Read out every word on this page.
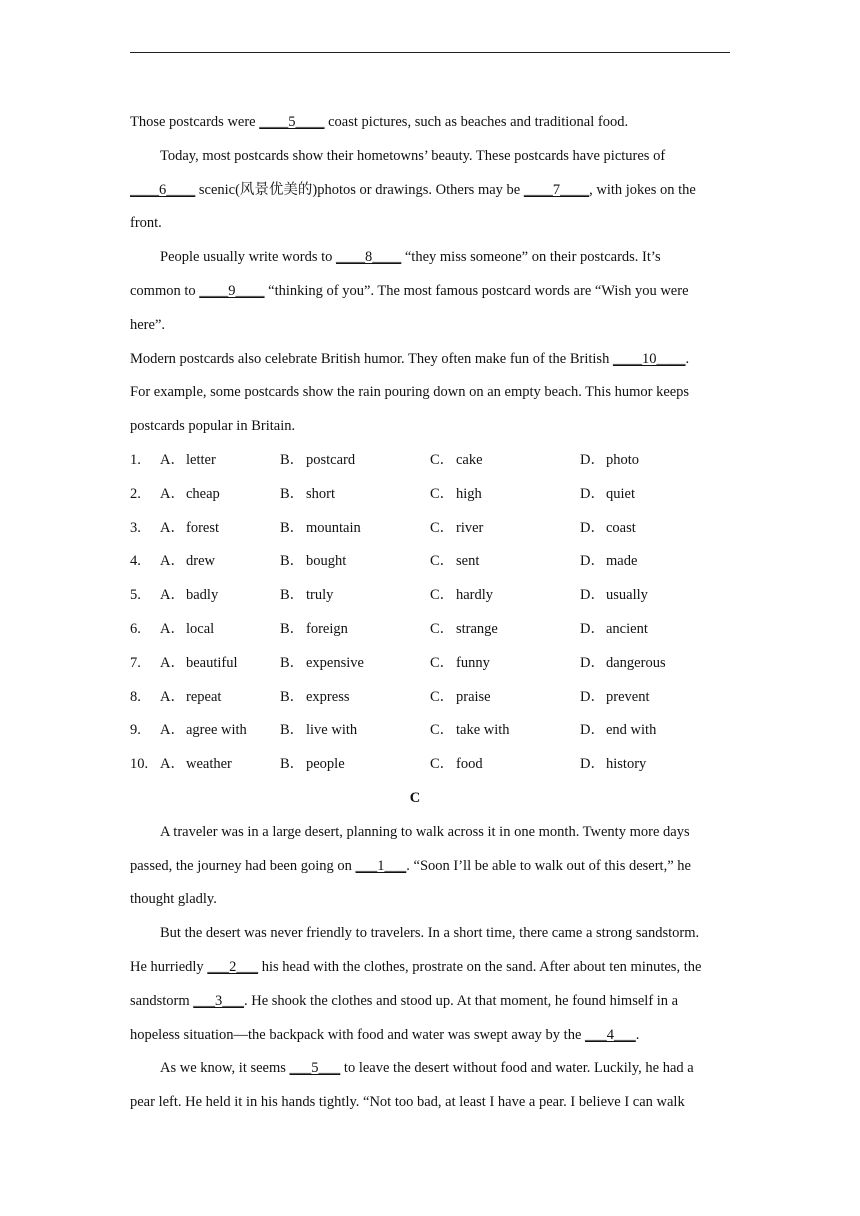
Those postcards were ____5____ coast pictures, such as beaches and traditional food.
Today, most postcards show their hometowns’ beauty. These postcards have pictures of
____6____ scenic(风景优美的)photos or drawings. Others may be ____7____, with jokes on the
front.
People usually write words to ____8____ “they miss someone” on their postcards. It’s
common to ____9____ “thinking of you”. The most famous postcard words are “Wish you were
here”.
Modern postcards also celebrate British humor. They often make fun of the British ____10____.
For example, some postcards show the rain pouring down on an empty beach. This humor keeps
postcards popular in Britain.
1.	A． letter	B． postcard	C． cake	D． photo
2.	A． cheap	B． short	C． high	D． quiet
3.	A． forest	B． mountain	C． river	D． coast
4.	A． drew	B． bought	C． sent	D． made
5.	A． badly	B． truly	C． hardly	D． usually
6.	A． local	B． foreign	C． strange	D． ancient
7.	A． beautiful	B． expensive	C． funny	D． dangerous
8.	A． repeat	B． express	C． praise	D． prevent
9.	A． agree with B． live with	C． take with	D． end with
10. A． weather	B． people	C． food	D． history
C
A traveler was in a large desert, planning to walk across it in one month. Twenty more days
passed, the journey had been going on ___1___. “Soon I’ll be able to walk out of this desert,” he
thought gladly.
But the desert was never friendly to travelers. In a short time, there came a strong sandstorm.
He hurriedly ___2___ his head with the clothes, prostrate on the sand. After about ten minutes, the
sandstorm ___3___. He shook the clothes and stood up. At that moment, he found himself in a
hopeless situation—the backpack with food and water was swept away by the ___4___.
As we know, it seems ___5___ to leave the desert without food and water. Luckily, he had a
pear left. He held it in his hands tightly. “Not too bad, at least I have a pear. I believe I can walk
